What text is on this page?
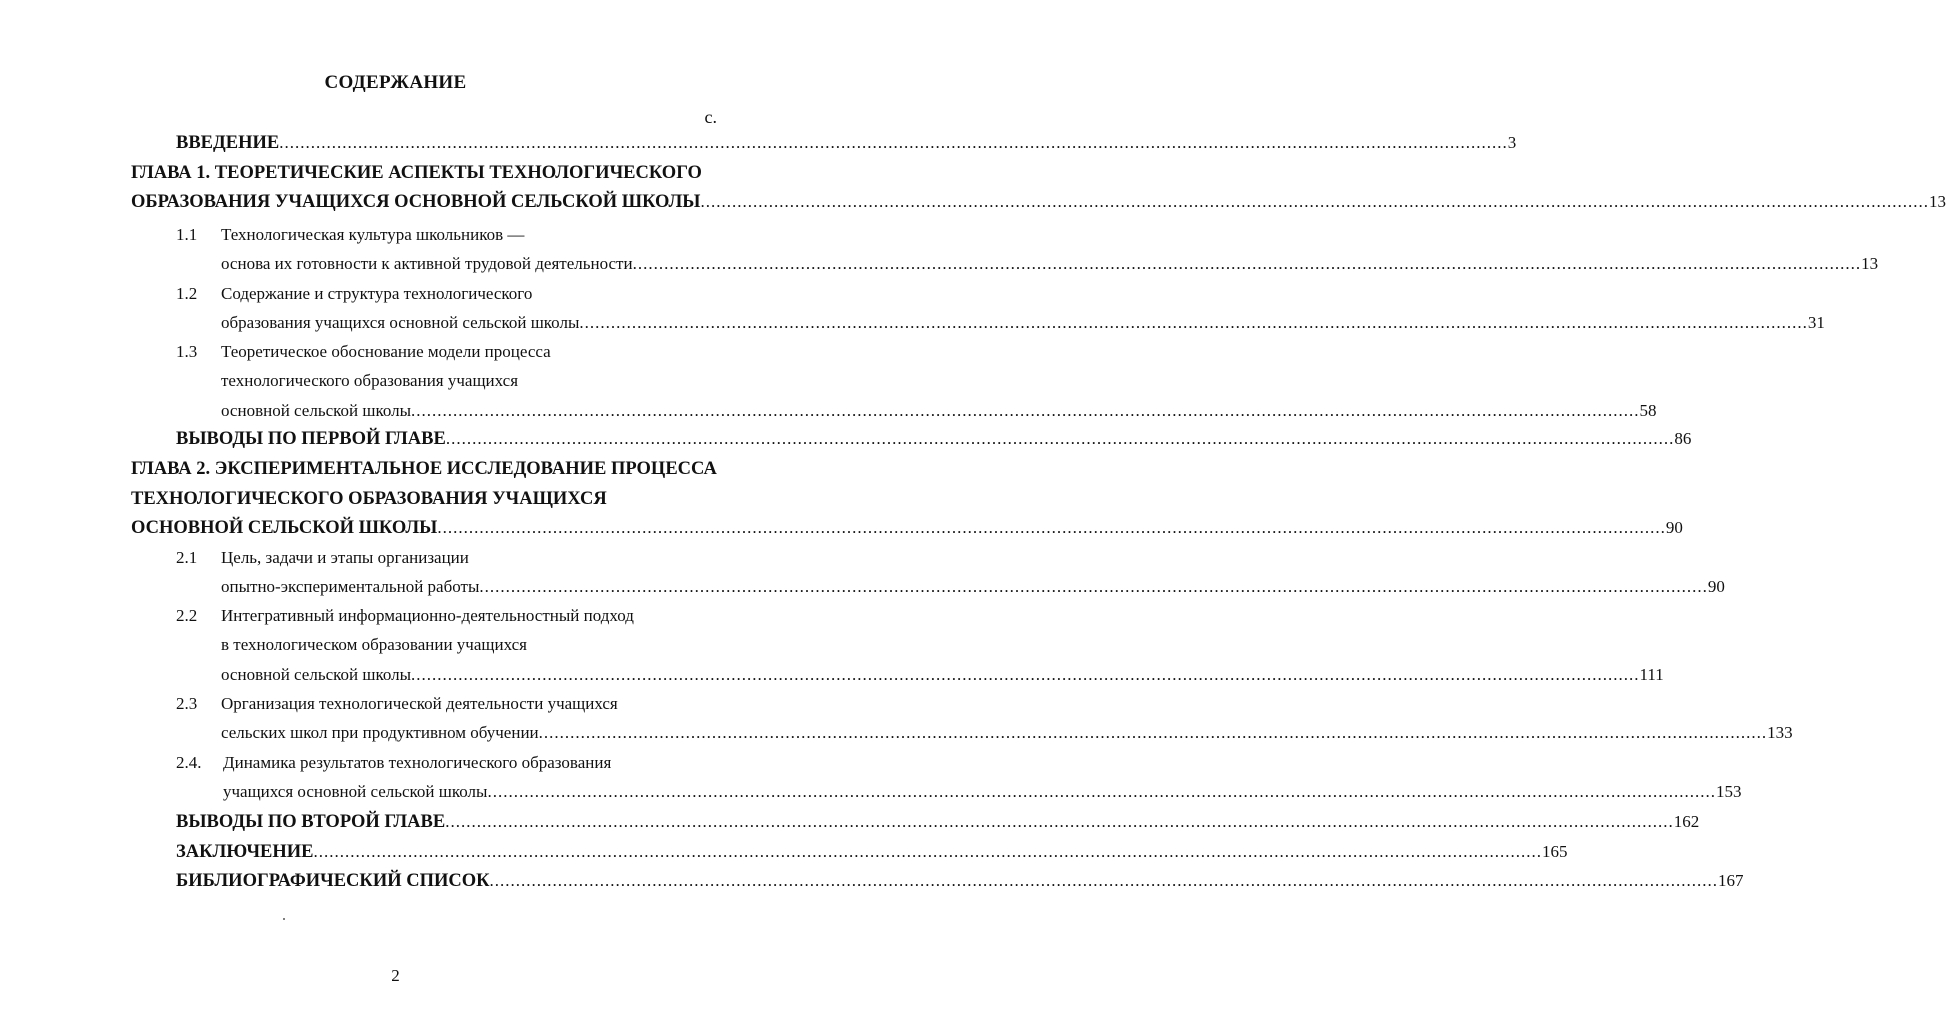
СОДЕРЖАНИЕ
с.
ВВЕДЕНИЕ .......................................................................................................................................................................................................................................... 3
ГЛАВА 1. ТЕОРЕТИЧЕСКИЕ АСПЕКТЫ ТЕХНОЛОГИЧЕСКОГО
ОБРАЗОВАНИЯ УЧАЩИХСЯ ОСНОВНОЙ СЕЛЬСКОЙ ШКОЛЫ .......................................................................................................................................................................................................................................... 13
1.1 Технологическая культура школьников —
основа их готовности к активной трудовой деятельности .......................................................................................................................................................................................................................................... 13
1.2 Содержание и структура технологического
образования учащихся основной сельской школы .......................................................................................................................................................................................................................................... 31
1.3 Теоретическое обоснование модели процесса
технологического образования учащихся
основной сельской школы .......................................................................................................................................................................................................................................... 58
ВЫВОДЫ ПО ПЕРВОЙ ГЛАВЕ .......................................................................................................................................................................................................................................... 86
ГЛАВА 2. ЭКСПЕРИМЕНТАЛЬНОЕ ИССЛЕДОВАНИЕ ПРОЦЕССА
ТЕХНОЛОГИЧЕСКОГО ОБРАЗОВАНИЯ УЧАЩИХСЯ
ОСНОВНОЙ СЕЛЬСКОЙ ШКОЛЫ .......................................................................................................................................................................................................................................... 90
2.1 Цель, задачи и этапы организации
опытно-экспериментальной работы .......................................................................................................................................................................................................................................... 90
2.2 Интегративный информационно-деятельностный подход
в технологическом образовании учащихся
основной сельской школы .......................................................................................................................................................................................................................................... 111
2.3 Организация технологической деятельности учащихся
сельских школ при продуктивном обучении .......................................................................................................................................................................................................................................... 133
2.4. Динамика результатов технологического образования
учащихся основной сельской школы .......................................................................................................................................................................................................................................... 153
ВЫВОДЫ ПО ВТОРОЙ ГЛАВЕ .......................................................................................................................................................................................................................................... 162
ЗАКЛЮЧЕНИЕ .......................................................................................................................................................................................................................................... 165
БИБЛИОГРАФИЧЕСКИЙ СПИСОК .......................................................................................................................................................................................................................................... 167
2
